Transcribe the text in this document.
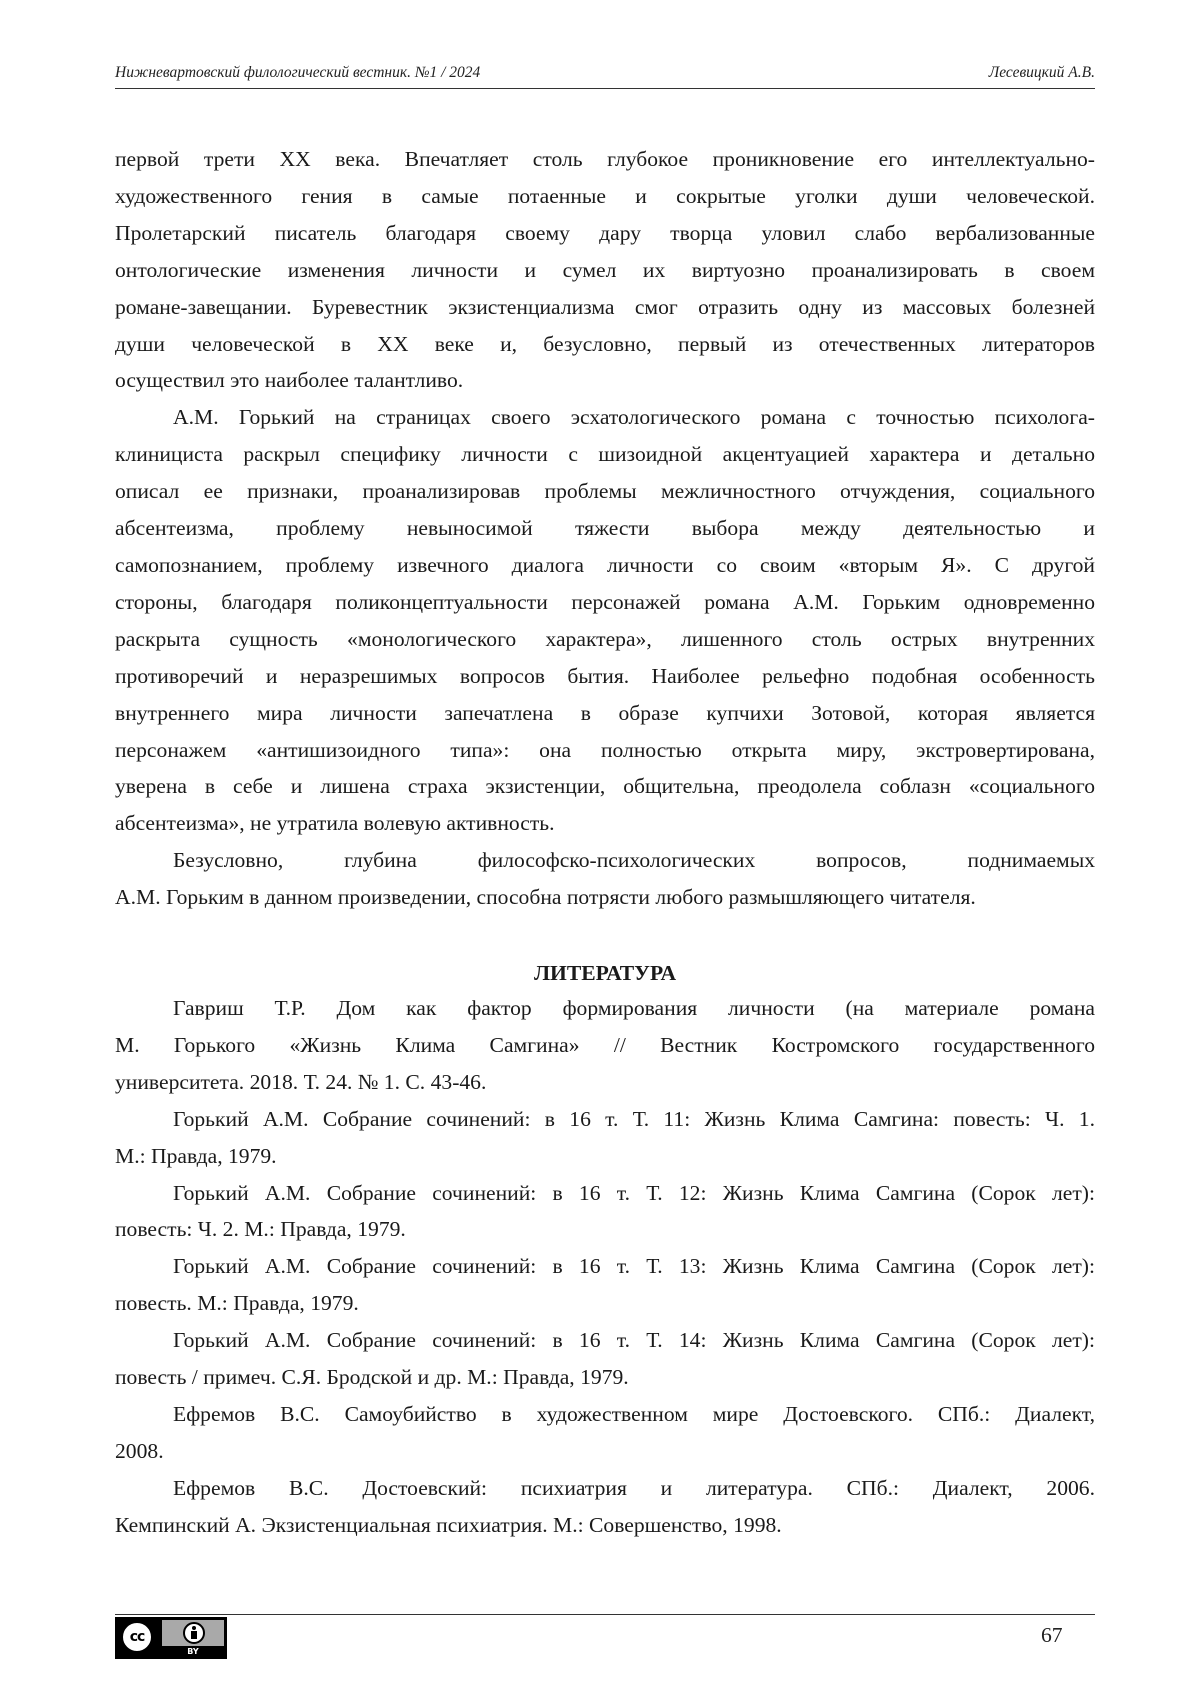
Нижневартовский филологический вестник. №1 / 2024	Лесевицкий А.В.
первой трети XX века. Впечатляет столь глубокое проникновение его интеллектуально-
художественного гения в самые потаенные и сокрытые уголки души человеческой.
Пролетарский писатель благодаря своему дару творца уловил слабо вербализованные
онтологические изменения личности и сумел их виртуозно проанализировать в своем
романе-завещании. Буревестник экзистенциализма смог отразить одну из массовых болезней
души человеческой в XX веке и, безусловно, первый из отечественных литераторов
осуществил это наиболее талантливо.
А.М. Горький на страницах своего эсхатологического романа с точностью психолога-
клинициста раскрыл специфику личности с шизоидной акцентуацией характера и детально
описал ее признаки, проанализировав проблемы межличностного отчуждения, социального
абсентеизма, проблему невыносимой тяжести выбора между деятельностью и
самопознанием, проблему извечного диалога личности со своим «вторым Я». С другой
стороны, благодаря поликонцептуальности персонажей романа А.М. Горьким одновременно
раскрыта сущность «монологического характера», лишенного столь острых внутренних
противоречий и неразрешимых вопросов бытия. Наиболее рельефно подобная особенность
внутреннего мира личности запечатлена в образе купчихи Зотовой, которая является
персонажем «антишизоидного типа»: она полностью открыта миру, экстровертирована,
уверена в себе и лишена страха экзистенции, общительна, преодолела соблазн «социального
абсентеизма», не утратила волевую активность.
Безусловно, глубина философско-психологических вопросов, поднимаемых
А.М. Горьким в данном произведении, способна потрясти любого размышляющего читателя.
ЛИТЕРАТУРА
Гавриш Т.Р. Дом как фактор формирования личности (на материале романа
М. Горького «Жизнь Клима Самгина» // Вестник Костромского государственного
университета. 2018. Т. 24. № 1. С. 43-46.
Горький А.М. Собрание сочинений: в 16 т. Т. 11: Жизнь Клима Самгина: повесть: Ч. 1.
М.: Правда, 1979.
Горький А.М. Собрание сочинений: в 16 т. Т. 12: Жизнь Клима Самгина (Сорок лет):
повесть: Ч. 2. М.: Правда, 1979.
Горький А.М. Собрание сочинений: в 16 т. Т. 13: Жизнь Клима Самгина (Сорок лет):
повесть. М.: Правда, 1979.
Горький А.М. Собрание сочинений: в 16 т. Т. 14: Жизнь Клима Самгина (Сорок лет):
повесть / примеч. С.Я. Бродской и др. М.: Правда, 1979.
Ефремов В.С. Самоубийство в художественном мире Достоевского. СПб.: Диалект,
2008.
Ефремов В.С. Достоевский: психиатрия и литература. СПб.: Диалект, 2006.
Кемпинский А. Экзистенциальная психиатрия. М.: Совершенство, 1998.
cc
BY
67
